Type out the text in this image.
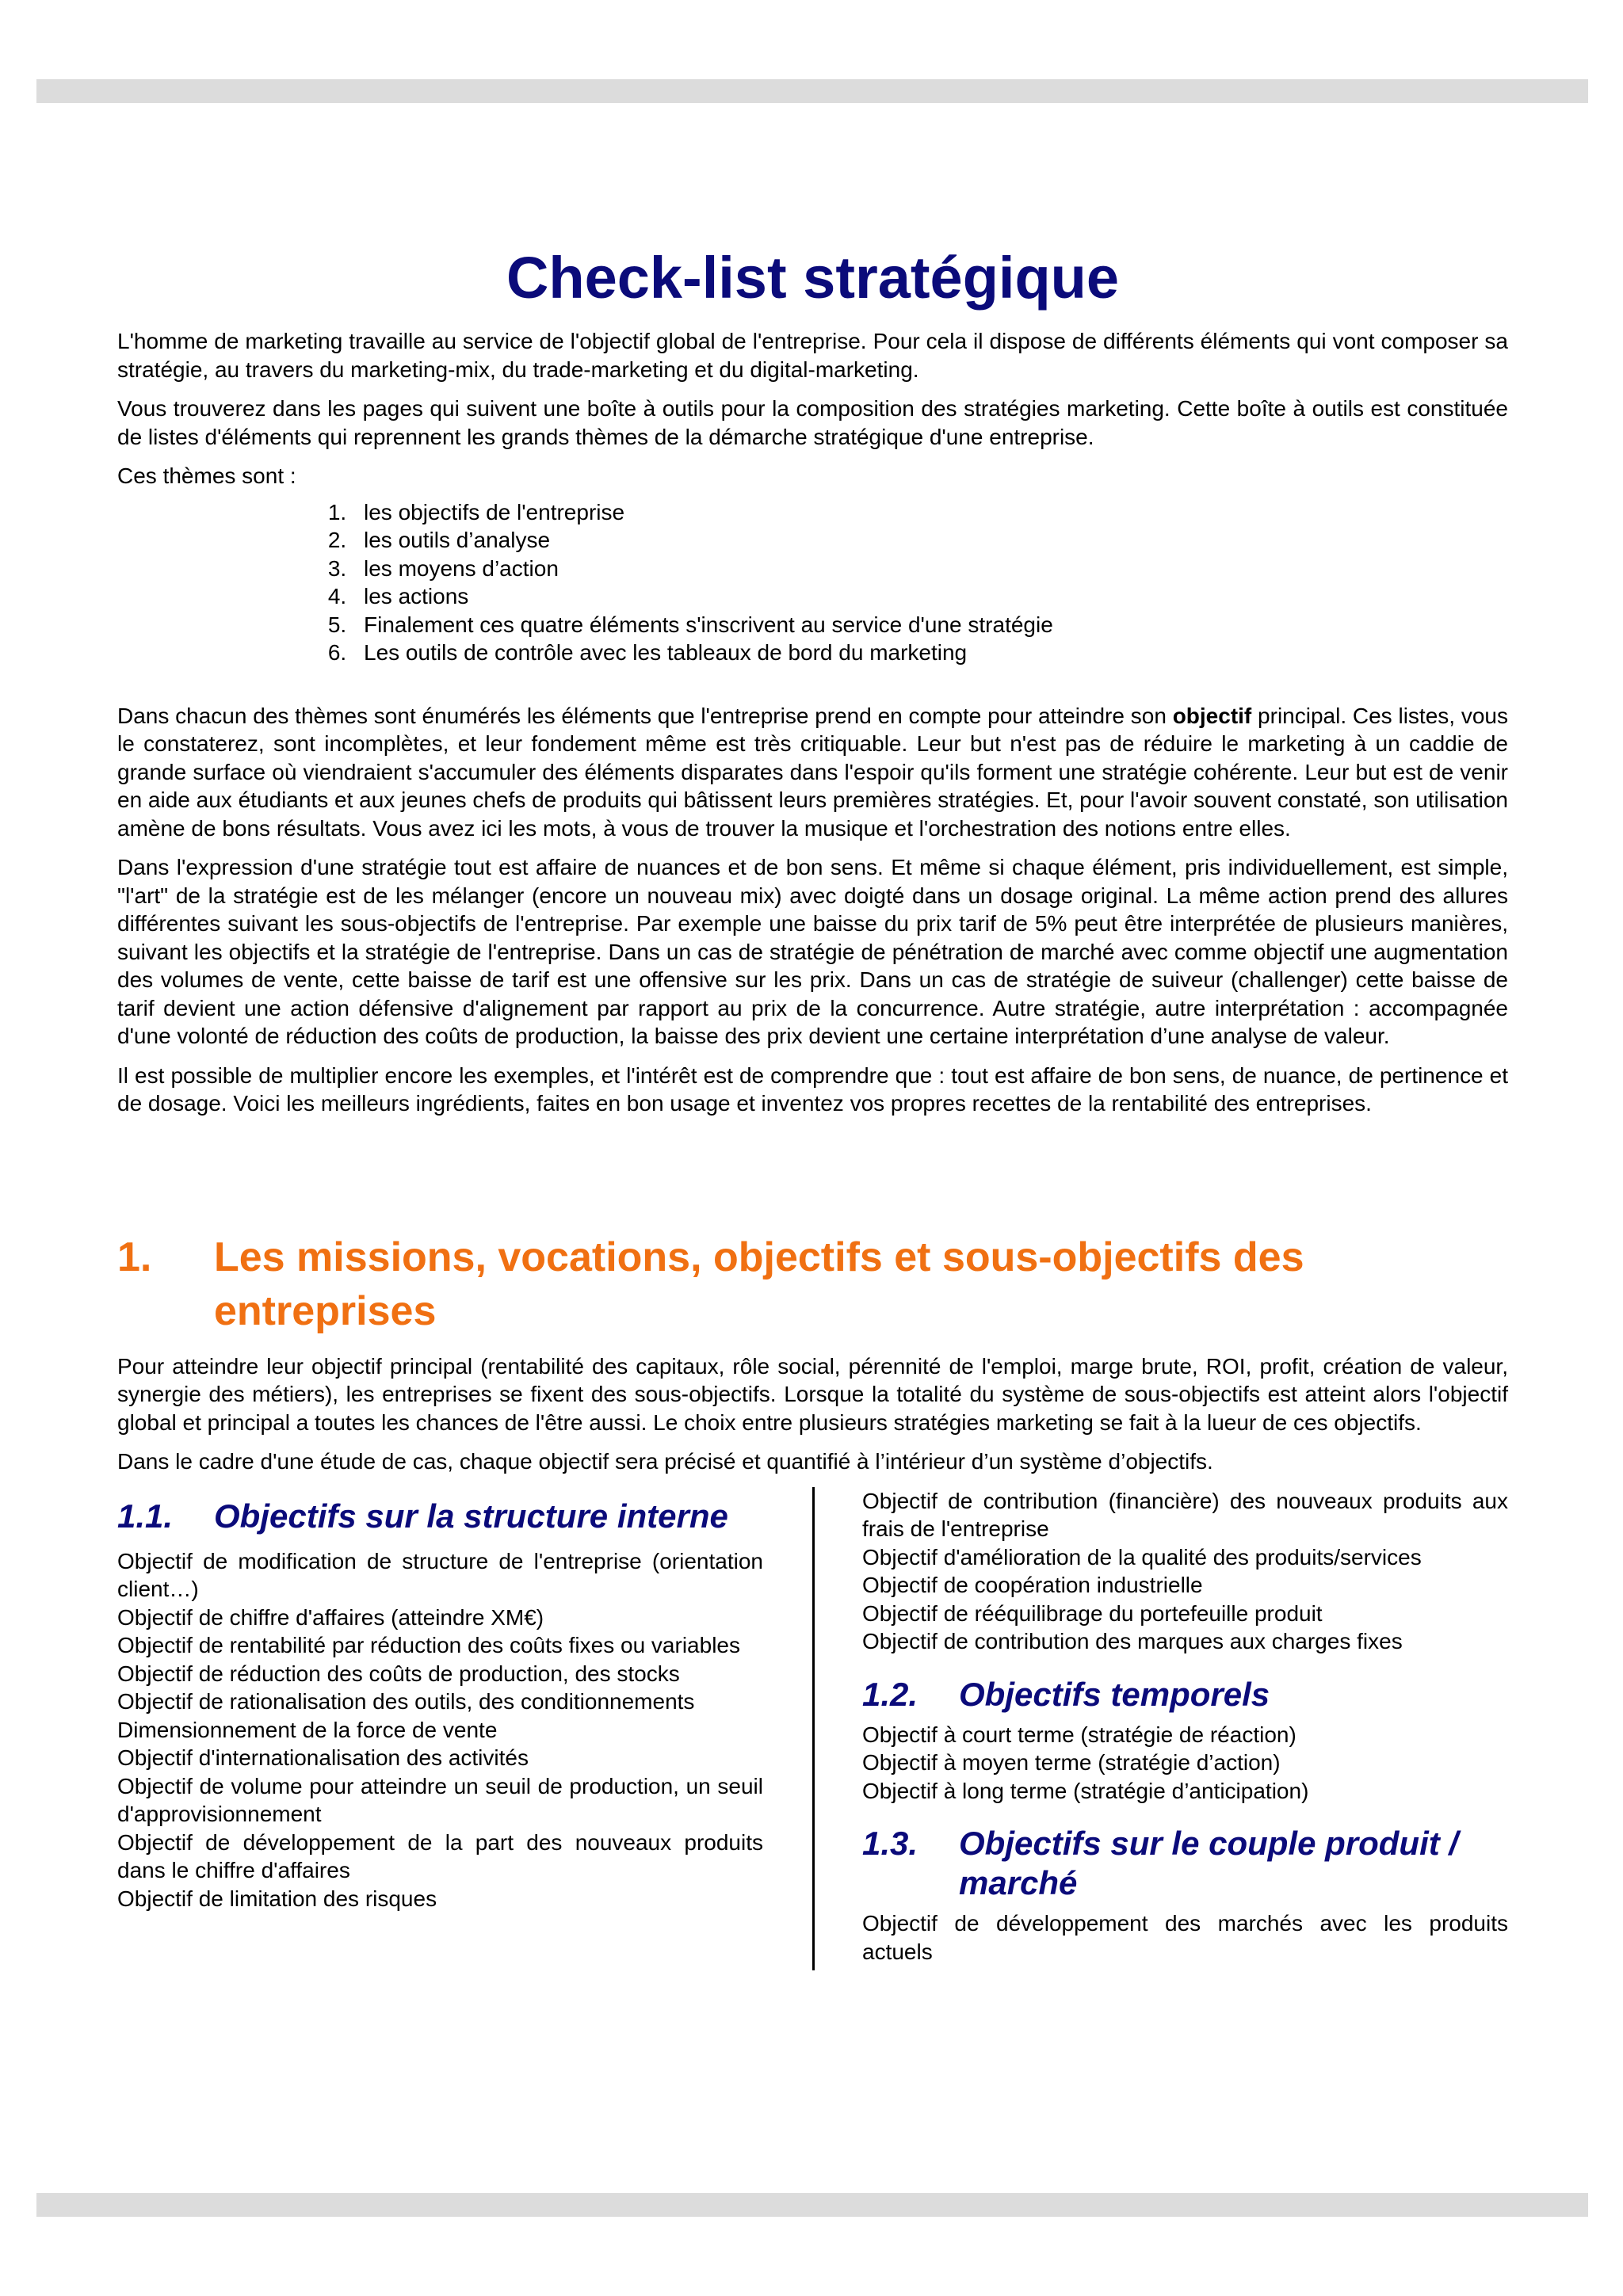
Check-list stratégique

L'homme de marketing travaille au service de l'objectif global de l'entreprise. Pour cela il dispose de différents éléments qui vont composer sa stratégie, au travers du marketing-mix, du trade-marketing et du digital-marketing.

Vous trouverez dans les pages qui suivent une boîte à outils pour la composition des stratégies marketing. Cette boîte à outils est constituée de listes d'éléments qui reprennent les grands thèmes de la démarche stratégique d'une entreprise.

Ces thèmes sont :

1. les objectifs de l'entreprise
2. les outils d’analyse
3. les moyens d’action
4. les actions
5. Finalement ces quatre éléments s'inscrivent au service d'une stratégie
6. Les outils de contrôle avec les tableaux de bord du marketing

Dans chacun des thèmes sont énumérés les éléments que l'entreprise prend en compte pour atteindre son objectif principal. Ces listes, vous le constaterez, sont incomplètes, et leur fondement même est très critiquable. Leur but n'est pas de réduire le marketing à un caddie de grande surface où viendraient s'accumuler des éléments disparates dans l'espoir qu'ils forment une stratégie cohérente. Leur but est de venir en aide aux étudiants et aux jeunes chefs de produits qui bâtissent leurs premières stratégies. Et, pour l'avoir souvent constaté, son utilisation amène de bons résultats. Vous avez ici les mots, à vous de trouver la musique et l'orchestration des notions entre elles.

Dans l'expression d'une stratégie tout est affaire de nuances et de bon sens. Et même si chaque élément, pris individuellement, est simple, "l'art" de la stratégie est de les mélanger (encore un nouveau mix) avec doigté dans un dosage original. La même action prend des allures différentes suivant les sous-objectifs de l'entreprise. Par exemple une baisse du prix tarif de 5% peut être interprétée de plusieurs manières, suivant les objectifs et la stratégie de l'entreprise. Dans un cas de stratégie de pénétration de marché avec comme objectif une augmentation des volumes de vente, cette baisse de tarif est une offensive sur les prix. Dans un cas de stratégie de suiveur (challenger) cette baisse de tarif devient une action défensive d'alignement par rapport au prix de la concurrence. Autre stratégie, autre interprétation : accompagnée d'une volonté de réduction des coûts de production, la baisse des prix devient une certaine interprétation d’une analyse de valeur.

Il est possible de multiplier encore les exemples, et l'intérêt est de comprendre que : tout est affaire de bon sens, de nuance, de pertinence et de dosage. Voici les meilleurs ingrédients, faites en bon usage et inventez vos propres recettes de la rentabilité des entreprises.

1.	Les missions, vocations, objectifs et sous-objectifs des entreprises

Pour atteindre leur objectif principal (rentabilité des capitaux, rôle social, pérennité de l'emploi, marge brute, ROI, profit, création de valeur, synergie des métiers), les entreprises se fixent des sous-objectifs. Lorsque la totalité du système de sous-objectifs est atteint alors l'objectif global et principal a toutes les chances de l'être aussi. Le choix entre plusieurs stratégies marketing se fait à la lueur de ces objectifs.

Dans le cadre d'une étude de cas, chaque objectif sera précisé et quantifié à l’intérieur d’un système d’objectifs.

1.1.	Objectifs sur la structure interne
Objectif de modification de structure de l'entreprise (orientation client…)
Objectif de chiffre d'affaires (atteindre XM€)
Objectif de rentabilité par réduction des coûts fixes ou variables
Objectif de réduction des coûts de production, des stocks
Objectif de rationalisation des outils, des conditionnements
Dimensionnement de la force de vente
Objectif d'internationalisation des activités
Objectif de volume pour atteindre un seuil de production, un seuil d'approvisionnement
Objectif de développement de la part des nouveaux produits dans le chiffre d'affaires
Objectif de limitation des risques
Objectif de contribution (financière) des nouveaux produits aux frais de l'entreprise
Objectif d'amélioration de la qualité des produits/services
Objectif de coopération industrielle
Objectif de rééquilibrage du portefeuille produit
Objectif de contribution des marques aux charges fixes
1.2.	Objectifs temporels
Objectif à court terme (stratégie de réaction)
Objectif à moyen terme (stratégie d’action)
Objectif à long terme (stratégie d’anticipation)
1.3.	Objectifs sur le couple produit / marché
Objectif de développement des marchés avec les produits actuels
